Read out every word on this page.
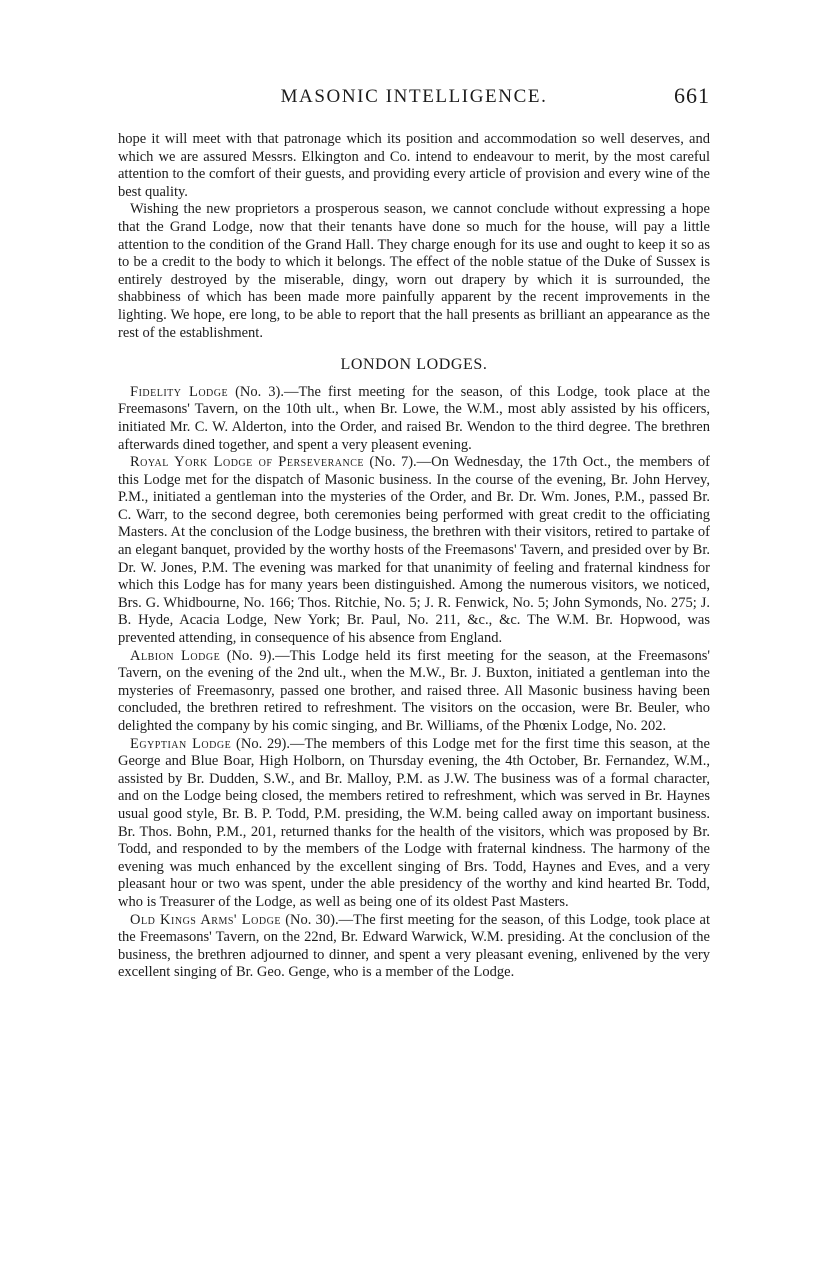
MASONIC INTELLIGENCE.	661

hope it will meet with that patronage which its position and accommodation so well deserves, and which we are assured Messrs. Elkington and Co. intend to endeavour to merit, by the most careful attention to the comfort of their guests, and providing every article of provision and every wine of the best quality.

Wishing the new proprietors a prosperous season, we cannot conclude without expressing a hope that the Grand Lodge, now that their tenants have done so much for the house, will pay a little attention to the condition of the Grand Hall. They charge enough for its use and ought to keep it so as to be a credit to the body to which it belongs. The effect of the noble statue of the Duke of Sussex is entirely destroyed by the miserable, dingy, worn out drapery by which it is surrounded, the shabbiness of which has been made more painfully apparent by the recent improvements in the lighting. We hope, ere long, to be able to report that the hall presents as brilliant an appearance as the rest of the establishment.

LONDON LODGES.

Fidelity Lodge (No. 3).—The first meeting for the season, of this Lodge, took place at the Freemasons' Tavern, on the 10th ult., when Br. Lowe, the W.M., most ably assisted by his officers, initiated Mr. C. W. Alderton, into the Order, and raised Br. Wendon to the third degree. The brethren afterwards dined together, and spent a very pleasent evening.

Royal York Lodge of Perseverance (No. 7).—On Wednesday, the 17th Oct., the members of this Lodge met for the dispatch of Masonic business. In the course of the evening, Br. John Hervey, P.M., initiated a gentleman into the mysteries of the Order, and Br. Dr. Wm. Jones, P.M., passed Br. C. Warr, to the second degree, both ceremonies being performed with great credit to the officiating Masters. At the conclusion of the Lodge business, the brethren with their visitors, retired to partake of an elegant banquet, provided by the worthy hosts of the Freemasons' Tavern, and presided over by Br. Dr. W. Jones, P.M. The evening was marked for that unanimity of feeling and fraternal kindness for which this Lodge has for many years been distinguished. Among the numerous visitors, we noticed, Brs. G. Whidbourne, No. 166; Thos. Ritchie, No. 5; J. R. Fenwick, No. 5; John Symonds, No. 275; J. B. Hyde, Acacia Lodge, New York; Br. Paul, No. 211, &c., &c. The W.M. Br. Hopwood, was prevented attending, in consequence of his absence from England.

Albion Lodge (No. 9).—This Lodge held its first meeting for the season, at the Freemasons' Tavern, on the evening of the 2nd ult., when the M.W., Br. J. Buxton, initiated a gentleman into the mysteries of Freemasonry, passed one brother, and raised three. All Masonic business having been concluded, the brethren retired to refreshment. The visitors on the occasion, were Br. Beuler, who delighted the company by his comic singing, and Br. Williams, of the Phœnix Lodge, No. 202.

Egyptian Lodge (No. 29).—The members of this Lodge met for the first time this season, at the George and Blue Boar, High Holborn, on Thursday evening, the 4th October, Br. Fernandez, W.M., assisted by Br. Dudden, S.W., and Br. Malloy, P.M. as J.W. The business was of a formal character, and on the Lodge being closed, the members retired to refreshment, which was served in Br. Haynes usual good style, Br. B. P. Todd, P.M. presiding, the W.M. being called away on important business. Br. Thos. Bohn, P.M., 201, returned thanks for the health of the visitors, which was proposed by Br. Todd, and responded to by the members of the Lodge with fraternal kindness. The harmony of the evening was much enhanced by the excellent singing of Brs. Todd, Haynes and Eves, and a very pleasant hour or two was spent, under the able presidency of the worthy and kind hearted Br. Todd, who is Treasurer of the Lodge, as well as being one of its oldest Past Masters.

Old Kings Arms' Lodge (No. 30).—The first meeting for the season, of this Lodge, took place at the Freemasons' Tavern, on the 22nd, Br. Edward Warwick, W.M. presiding. At the conclusion of the business, the brethren adjourned to dinner, and spent a very pleasant evening, enlivened by the very excellent singing of Br. Geo. Genge, who is a member of the Lodge.
